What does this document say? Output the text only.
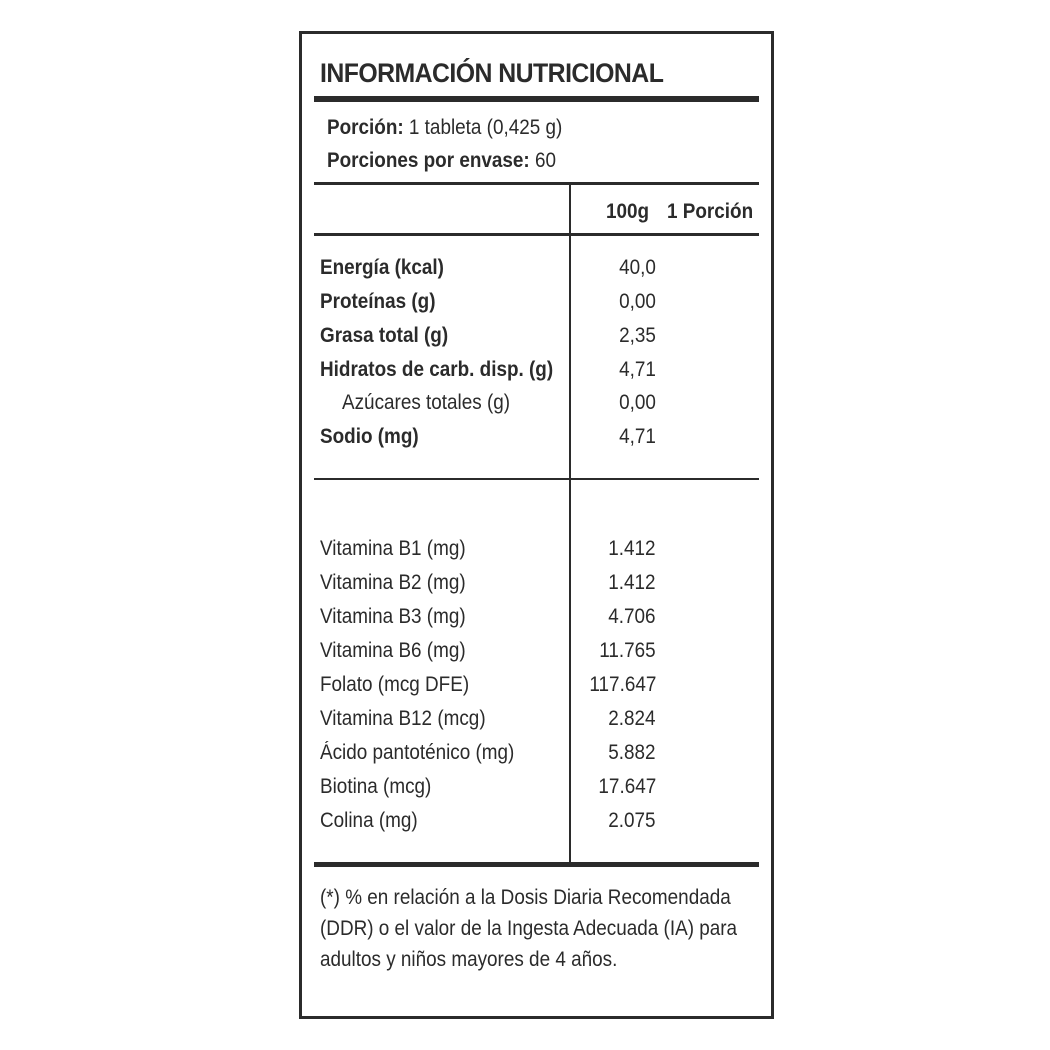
INFORMACIÓN NUTRICIONAL
Porción: 1 tableta (0,425 g)
Porciones por envase: 60
100g 1 Porción
Energía (kcal)	40,0
Proteínas (g)	0,00
Grasa total (g)	2,35
Hidratos de carb. disp. (g)	4,71
Azúcares totales (g)	0,00
Sodio (mg)	4,71
Vitamina B1 (mg)	1.412
Vitamina B2 (mg)	1.412
Vitamina B3 (mg)	4.706
Vitamina B6 (mg)	11.765
Folato (mcg DFE)	117.647
Vitamina B12 (mcg)	2.824
Ácido pantoténico (mg)	5.882
Biotina (mcg)	17.647
Colina (mg)	2.075
(*) % en relación a la Dosis Diaria Recomendada (DDR) o el valor de la Ingesta Adecuada (IA) para adultos y niños mayores de 4 años.
